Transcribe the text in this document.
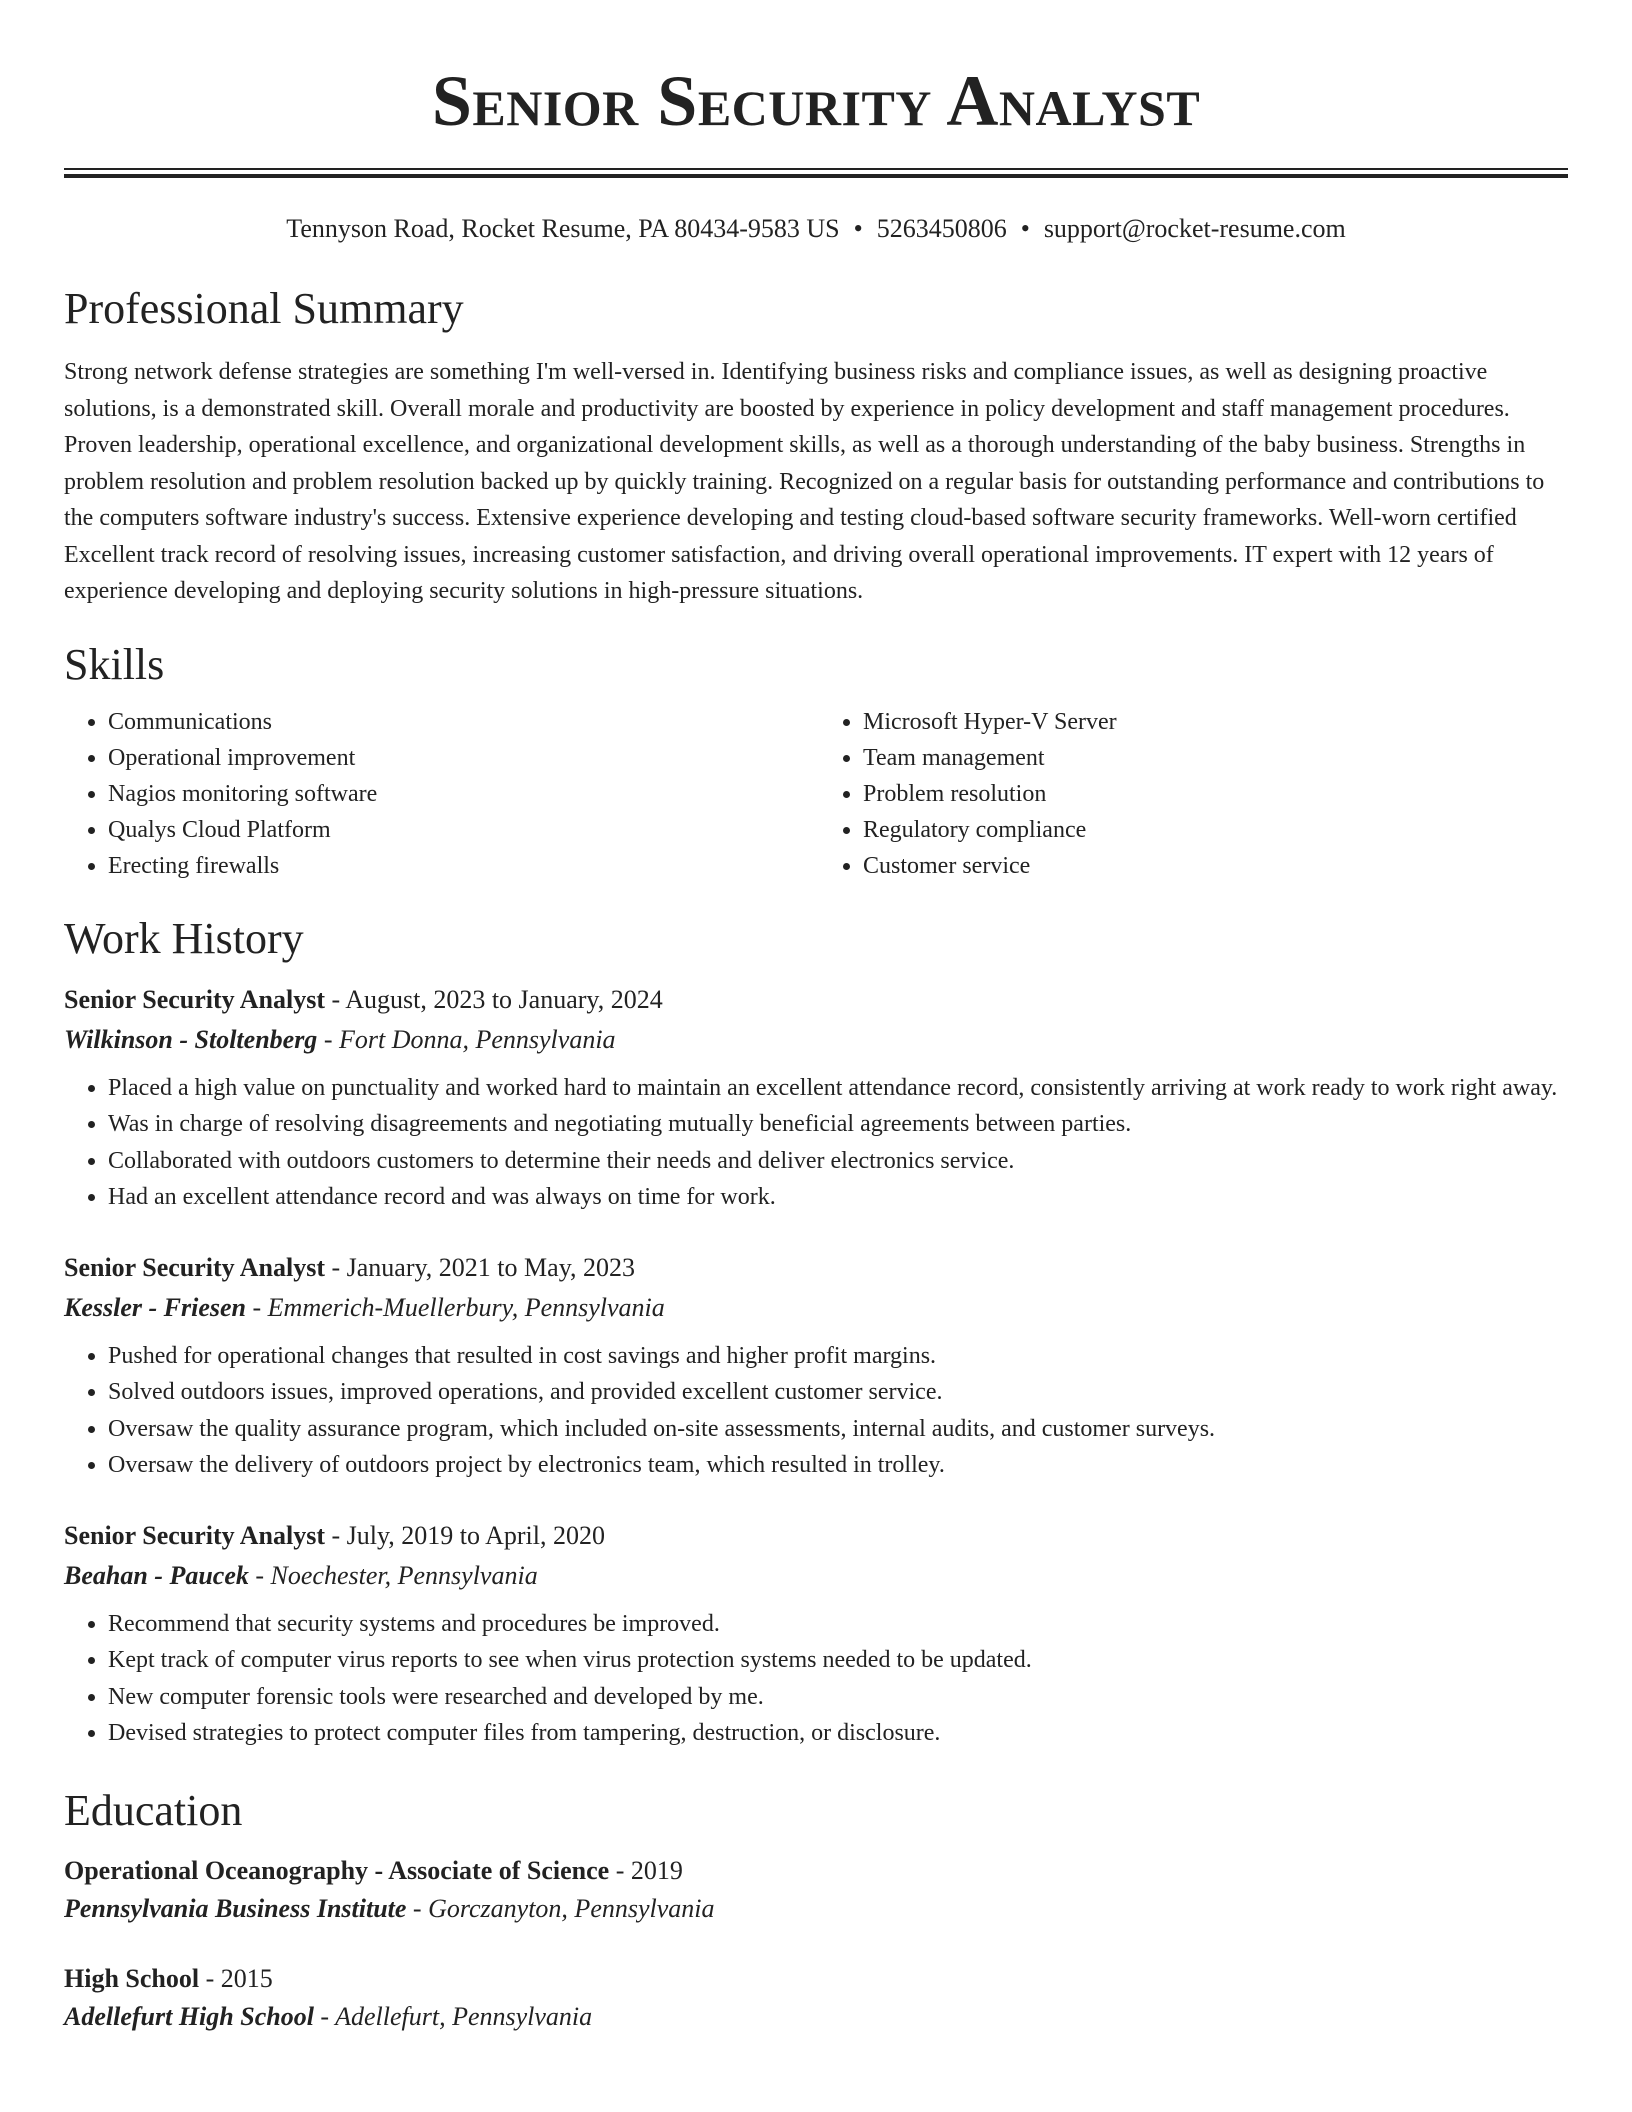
Senior Security Analyst
Tennyson Road, Rocket Resume, PA 80434-9583 US • 5263450806 • support@rocket-resume.com
Professional Summary

Strong network defense strategies are something I'm well-versed in. Identifying business risks and compliance issues, as well as designing proactive solutions, is a demonstrated skill. Overall morale and productivity are boosted by experience in policy development and staff management procedures. Proven leadership, operational excellence, and organizational development skills, as well as a thorough understanding of the baby business. Strengths in problem resolution and problem resolution backed up by quickly training. Recognized on a regular basis for outstanding performance and contributions to the computers software industry's success. Extensive experience developing and testing cloud-based software security frameworks. Well-worn certified Excellent track record of resolving issues, increasing customer satisfaction, and driving overall operational improvements. IT expert with 12 years of experience developing and deploying security solutions in high-pressure situations.

Skills
• Communications
• Operational improvement
• Nagios monitoring software
• Qualys Cloud Platform
• Erecting firewalls
• Microsoft Hyper-V Server
• Team management
• Problem resolution
• Regulatory compliance
• Customer service
Work History
Senior Security Analyst - August, 2023 to January, 2024
Wilkinson - Stoltenberg - Fort Donna, Pennsylvania
• Placed a high value on punctuality and worked hard to maintain an excellent attendance record, consistently arriving at work ready to work right away.
• Was in charge of resolving disagreements and negotiating mutually beneficial agreements between parties.
• Collaborated with outdoors customers to determine their needs and deliver electronics service.
• Had an excellent attendance record and was always on time for work.
Senior Security Analyst - January, 2021 to May, 2023
Kessler - Friesen - Emmerich-Muellerbury, Pennsylvania
• Pushed for operational changes that resulted in cost savings and higher profit margins.
• Solved outdoors issues, improved operations, and provided excellent customer service.
• Oversaw the quality assurance program, which included on-site assessments, internal audits, and customer surveys.
• Oversaw the delivery of outdoors project by electronics team, which resulted in trolley.
Senior Security Analyst - July, 2019 to April, 2020
Beahan - Paucek - Noechester, Pennsylvania
• Recommend that security systems and procedures be improved.
• Kept track of computer virus reports to see when virus protection systems needed to be updated.
• New computer forensic tools were researched and developed by me.
• Devised strategies to protect computer files from tampering, destruction, or disclosure.
Education
Operational Oceanography - Associate of Science - 2019
Pennsylvania Business Institute - Gorczanyton, Pennsylvania
High School - 2015
Adellefurt High School - Adellefurt, Pennsylvania
